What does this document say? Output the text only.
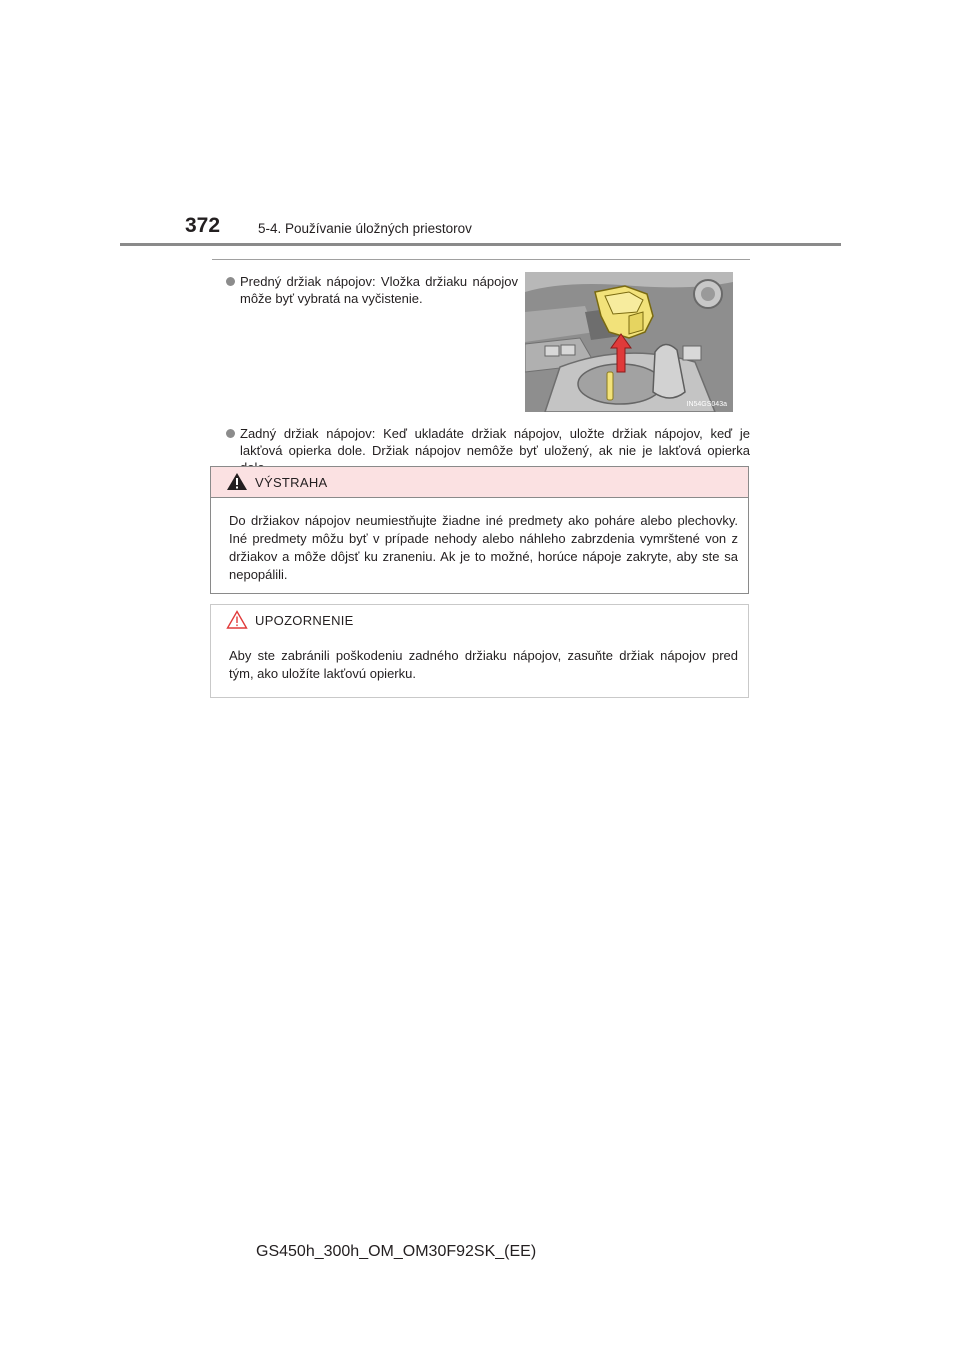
372	5-4. Používanie úložných priestorov
Predný držiak nápojov: Vložka držiaku nápojov môže byť vybratá na vyčistenie.
IN54GS043a
Zadný držiak nápojov: Keď ukladáte držiak nápojov, uložte držiak nápojov, keď je lakťová opierka dole. Držiak nápojov nemôže byť uložený, ak nie je lakťová opierka
VÝSTRAHA
Do držiakov nápojov neumiestňujte žiadne iné predmety ako poháre alebo plechovky. Iné predmety môžu byť v prípade nehody alebo náhleho zabrzdenia vymrštené von z držiakov a môže dôjsť ku zraneniu. Ak je to možné, horúce nápoje zakryte, aby ste sa nepopálili.
UPOZORNENIE
Aby ste zabránili poškodeniu zadného držiaku nápojov, zasuňte držiak nápojov pred tým, ako uložíte lakťovú opierku.
GS450h_300h_OM_OM30F92SK_(EE)
